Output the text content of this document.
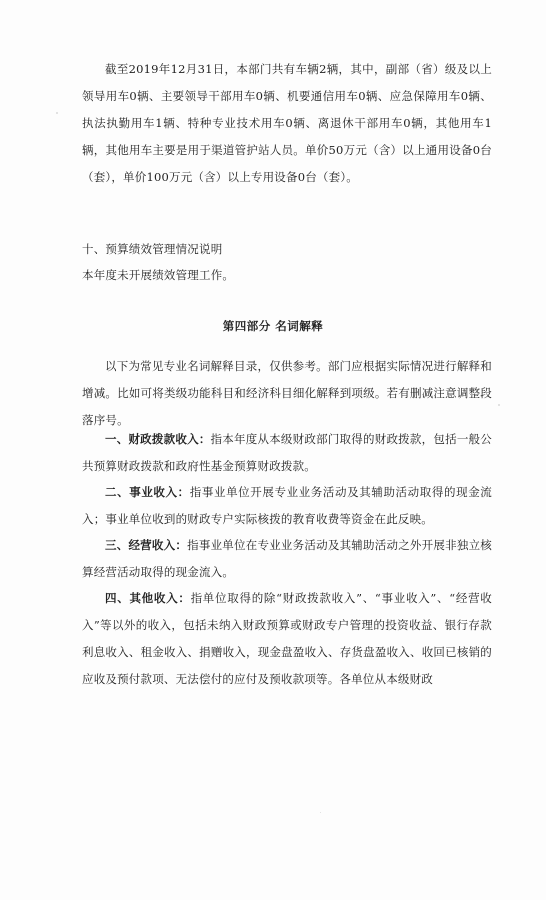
截至2019年12月31日，本部门共有车辆2辆，其中，副部（省）级及以上领导用车0辆、主要领导干部用车0辆、机要通信用车0辆、应急保障用车0辆、执法执勤用车1辆、特种专业技术用车0辆、离退休干部用车0辆，其他用车1辆，其他用车主要是用于渠道管护站人员。单价50万元（含）以上通用设备0台（套），单价100万元（含）以上专用设备0台（套）。

十、预算绩效管理情况说明

本年度未开展绩效管理工作。

第四部分 名词解释

以下为常见专业名词解释目录，仅供参考。部门应根据实际情况进行解释和增减。比如可将类级功能科目和经济科目细化解释到项级。若有删减注意调整段落序号。

一、财政拨款收入：指本年度从本级财政部门取得的财政拨款，包括一般公共预算财政拨款和政府性基金预算财政拨款。

二、事业收入：指事业单位开展专业业务活动及其辅助活动取得的现金流入；事业单位收到的财政专户实际核拨的教育收费等资金在此反映。

三、经营收入：指事业单位在专业业务活动及其辅助活动之外开展非独立核算经营活动取得的现金流入。

四、其他收入：指单位取得的除“财政拨款收入”、“事业收入”、“经营收入”等以外的收入，包括未纳入财政预算或财政专户管理的投资收益、银行存款利息收入、租金收入、捐赠收入，现金盘盈收入、存货盘盈收入、收回已核销的应收及预付款项、无法偿付的应付及预收款项等。各单位从本级财政
